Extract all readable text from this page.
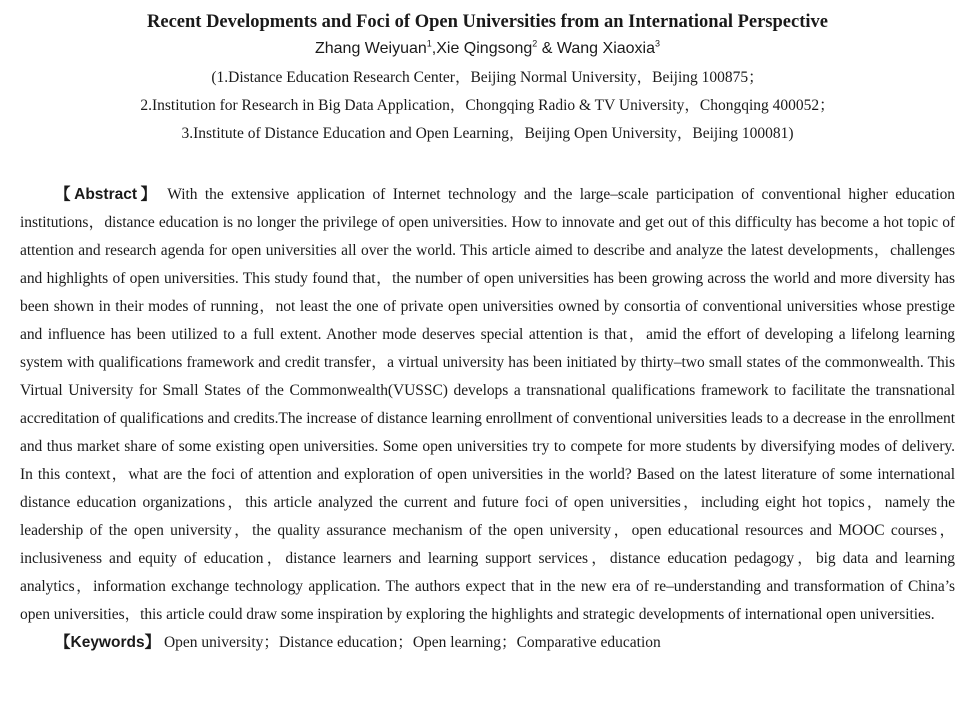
Recent Developments and Foci of Open Universities from an International Perspective
Zhang Weiyuan$^1$,Xie Qingsong$^2$ & Wang Xiaoxia$^3$

(1.Distance Education Research Center，Beijing Normal University，Beijing 100875；

2.Institution for Research in Big Data Application，Chongqing Radio & TV University，Chongqing 400052；

3.Institute of Distance Education and Open Learning，Beijing Open University，Beijing 100081)

【Abstract】 With the extensive application of Internet technology and the large–scale participation of conventional higher education institutions，distance education is no longer the privilege of open universities. How to innovate and get out of this difficulty has become a hot topic of attention and research agenda for open universities all over the world. This article aimed to describe and analyze the latest developments，challenges and highlights of open universities. This study found that，the number of open universities has been growing across the world and more diversity has been shown in their modes of running，not least the one of private open universities owned by consortia of conventional universities whose prestige and influence has been utilized to a full extent. Another mode deserves special attention is that，amid the effort of developing a lifelong learning system with qualifications framework and credit transfer，a virtual university has been initiated by thirty–two small states of the commonwealth. This Virtual University for Small States of the Commonwealth(VUSSC) develops a transnational qualifications framework to facilitate the transnational accreditation of qualifications and credits.The increase of distance learning enrollment of conventional universities leads to a decrease in the enrollment and thus market share of some existing open universities. Some open universities try to compete for more students by diversifying modes of delivery. In this context，what are the foci of attention and exploration of open universities in the world? Based on the latest literature of some international distance education organizations，this article analyzed the current and future foci of open universities，including eight hot topics，namely the leadership of the open university，the quality assurance mechanism of the open university，open educational resources and MOOC courses，inclusiveness and equity of education，distance learners and learning support services，distance education pedagogy，big data and learning analytics，information exchange technology application. The authors expect that in the new era of re–understanding and transformation of China’s open universities，this article could draw some inspiration by exploring the highlights and strategic developments of international open universities.
【Keywords】 Open university ； Distance education ； Open learning ； Comparative education
